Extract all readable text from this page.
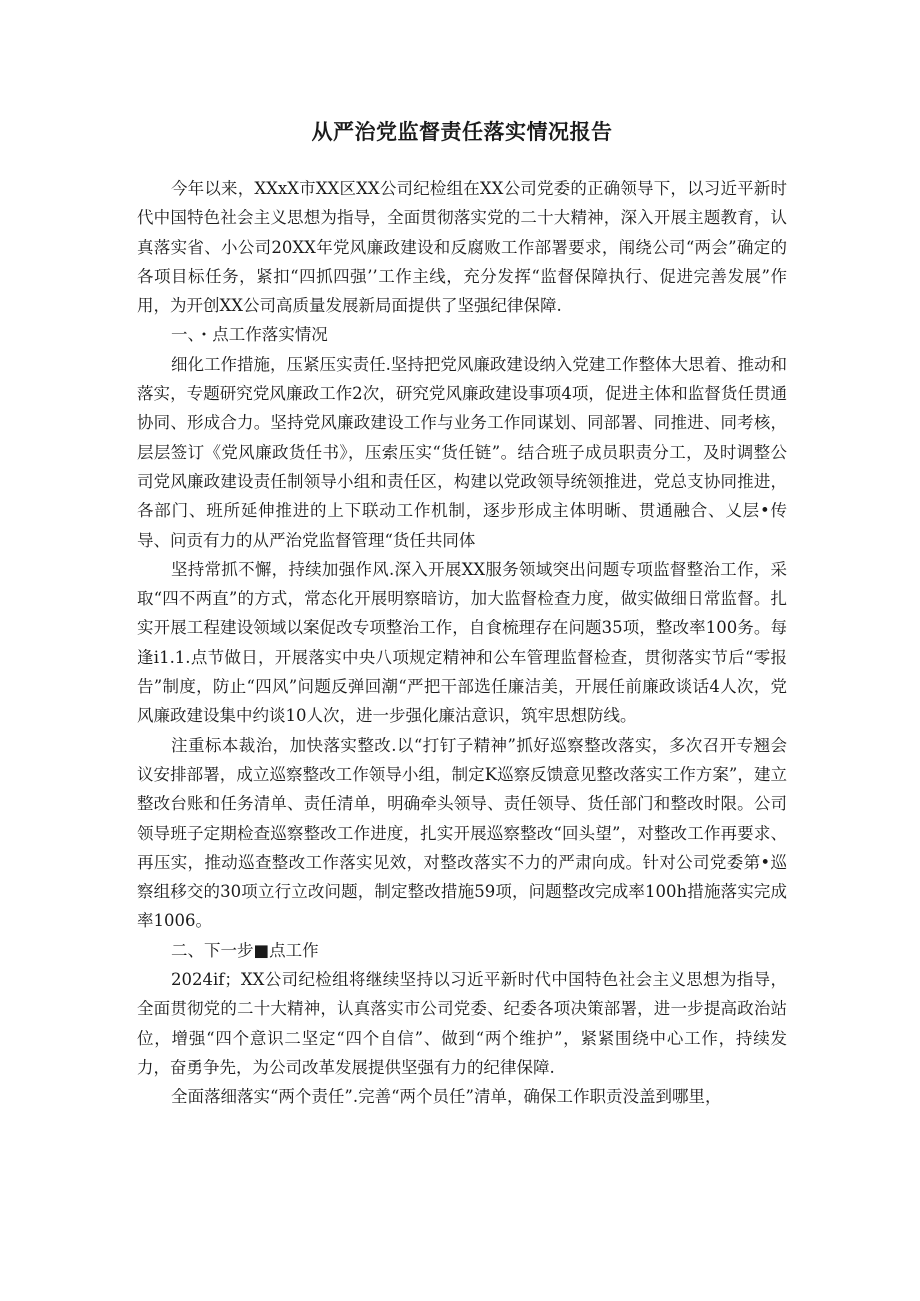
从严治党监督责任落实情况报告

今年以来，XXxX市XX区XX公司纪检组在XX公司党委的正确领导下，以习近平新时代中国特色社会主义思想为指导，全面贯彻落实党的二十大精神，深入开展主题教育，认真落实省、小公司20XX年党风廉政建设和反腐败工作部署要求，闱绕公司“两会”确定的各项目标任务，紧扣“四抓四强’’工作主线，充分发挥“监督保障执行、促进完善发展”作用，为开创XX公司高质量发展新局面提供了坚强纪律保障.

一、・点工作落实情况

细化工作措施，压紧压实责任.坚持把党风廉政建设纳入党建工作整体大思着、推动和落实，专题研究党风廉政工作2次，研究党风廉政建设事项4项，促进主体和监督货任贯通协同、形成合力。坚持党风廉政建设工作与业务工作同谋划、同部署、同推进、同考核，层层签订《党风廉政货任书》，压索压实“货任链”。结合班子成员职责分工，及时调整公司党风廉政建设责任制领导小组和责任区，构建以党政领导统领推进，党总支协同推进，各部门、班所延伸推进的上下联动工作机制，逐步形成主体明晰、贯通融合、乂层•传导、问贡有力的从严治党监督管理“货任共同体

坚持常抓不懈，持续加强作风.深入开展XX服务领域突出问题专项监督整治工作，采取“四不两直”的方式，常态化开展明察暗访，加大监督检查力度，做实做细日常监督。扎实开展工程建设领域以案促改专项整治工作，自食梳理存在问题35项，整改率100务。每逢i1.1.点节做日，开展落实中央八项规定精神和公车管理监督检查，贯彻落实节后“零报告”制度，防止“四风”问题反弹回潮“严把干部选任廉洁美，开展任前廉政谈话4人次，党风廉政建设集中约谈10人次，进一步强化廉沽意识，筑牢思想防线。

注重标本裁治，加快落实整改.以“打钉子精神”抓好巡察整改落实，多次召开专翘会议安排部署，成立巡察整改工作领导小组，制定K巡察反馈意见整改落实工作方案”，建立整改台账和任务清单、责任清单，明确牵头领导、责任领导、货任部门和整改时限。公司领导班子定期检查巡察整改工作进度，扎实开展巡察整改“回头望”，对整改工作再要求、再压实，推动巡查整改工作落实见效，对整改落实不力的严肃向成。针对公司党委第•巡察组移交的30项立行立改问题，制定整改措施59项，问题整改完成率100h措施落实完成率1006。

二、下一步■点工作

2024if；XX公司纪检组将继续坚持以习近平新时代中国特色社会主义思想为指导，全面贯彻党的二十大精神，认真落实市公司党委、纪委各项决策部署，进一步提高政治站位，增强“四个意识二坚定“四个自信”、做到“两个维护”，紧紧围绕中心工作，持续发力，奋勇争先，为公司改革发展提供坚强有力的纪律保障.

全面落细落实“两个责任”.完善“两个员任”清单，确保工作职贡没盖到哪里，
